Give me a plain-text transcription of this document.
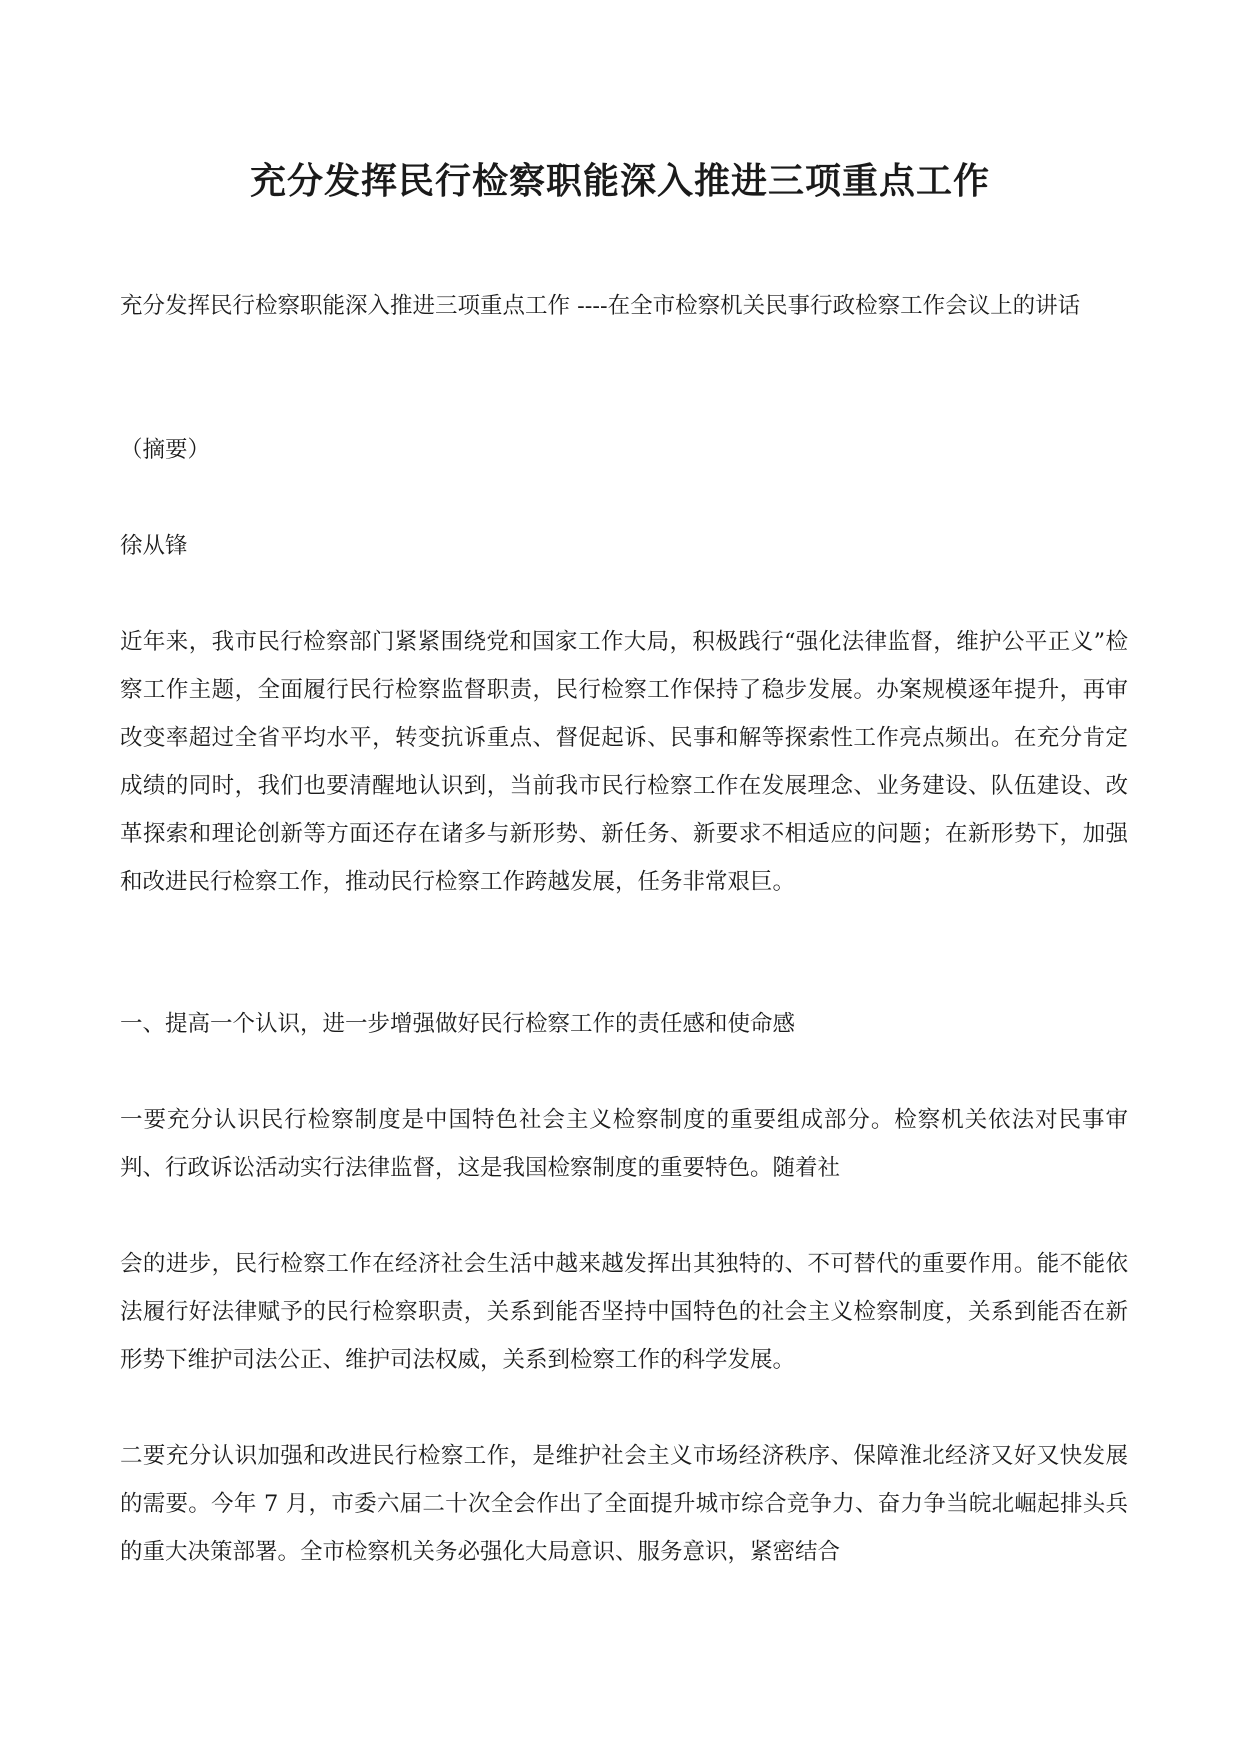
充分发挥民行检察职能深入推进三项重点工作

充分发挥民行检察职能深入推进三项重点工作 ----在全市检察机关民事行政检察工作会议上的讲话

（摘要）

徐从锋

近年来，我市民行检察部门紧紧围绕党和国家工作大局，积极践行“强化法律监督，维护公平正义”检察工作主题，全面履行民行检察监督职责，民行检察工作保持了稳步发展。办案规模逐年提升，再审改变率超过全省平均水平，转变抗诉重点、督促起诉、民事和解等探索性工作亮点频出。在充分肯定成绩的同时，我们也要清醒地认识到，当前我市民行检察工作在发展理念、业务建设、队伍建设、改革探索和理论创新等方面还存在诸多与新形势、新任务、新要求不相适应的问题；在新形势下，加强和改进民行检察工作，推动民行检察工作跨越发展，任务非常艰巨。

一、提高一个认识，进一步增强做好民行检察工作的责任感和使命感

一要充分认识民行检察制度是中国特色社会主义检察制度的重要组成部分。检察机关依法对民事审判、行政诉讼活动实行法律监督，这是我国检察制度的重要特色。随着社

会的进步，民行检察工作在经济社会生活中越来越发挥出其独特的、不可替代的重要作用。能不能依法履行好法律赋予的民行检察职责，关系到能否坚持中国特色的社会主义检察制度，关系到能否在新形势下维护司法公正、维护司法权威，关系到检察工作的科学发展。

二要充分认识加强和改进民行检察工作，是维护社会主义市场经济秩序、保障淮北经济又好又快发展的需要。今年 7 月，市委六届二十次全会作出了全面提升城市综合竞争力、奋力争当皖北崛起排头兵的重大决策部署。全市检察机关务必强化大局意识、服务意识，紧密结合
